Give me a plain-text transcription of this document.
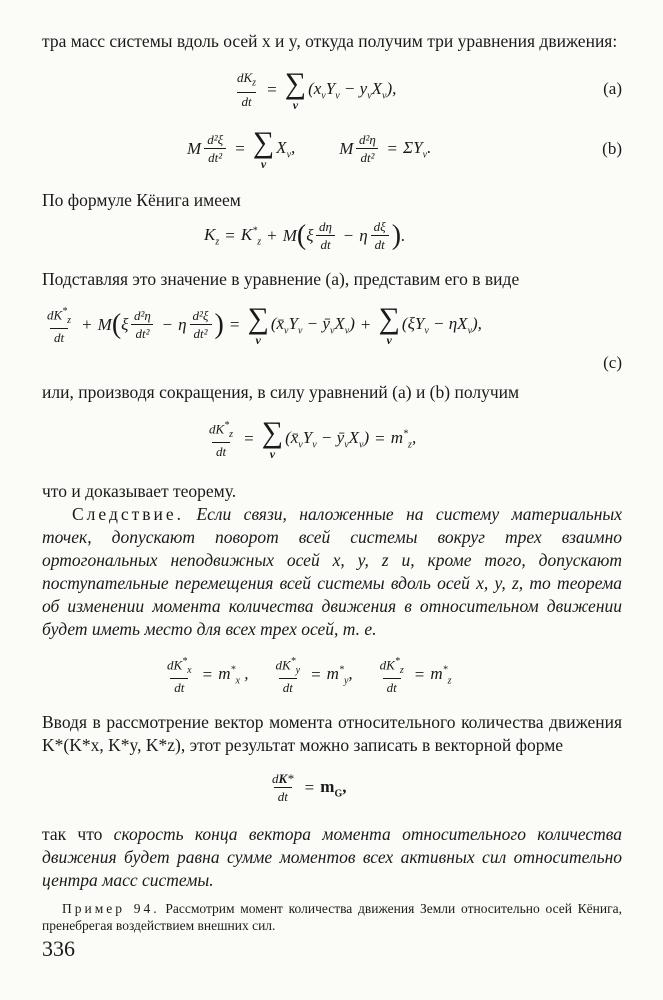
тра масс системы вдоль осей x и y, откуда получим три уравнения движения:

$\frac{dK_z}{dt}$ = ∑
ν
$(x_\nu Y_\nu - y_\nu X_\nu)$,	(a)
M $\frac{\text{d²ξ}}{\text{dt²}}$ = ∑
ν
$X_\nu$,	M $\frac{\text{d²η}}{\text{dt²}} = \Sigma Y_\nu$.	(b)

По формуле Кёнига имеем

$K_z = K^*_z + M$ ( ξ $\frac{d\eta}{dt} - \eta \frac{d\xi}{dt}$ ) .

Подставляя это значение в уравнение (a), представим его в виде

$\frac{dK^*_z}{dt} + M$ ( ξ $\frac{\text{d²η}}{\text{dt²}} - \eta \frac{\text{d²ξ}}{\text{dt²}}$ ) = ∑
ν
($x̄_\nu Y_\nu$ − $ȳ_\nu X_\nu$) + ∑
ν
$(\xi Y_\nu - \eta X_\nu)$,
(c)

или, производя сокращения, в силу уравнений (a) и (b) получим

$\frac{dK^*_z}{dt}$ = ∑
ν
($x̄_\nu Y_\nu$ − $ȳ_\nu X_\nu) = m^*_z$,

что и доказывает теорему.

Следствие. Если связи, наложенные на систему материальных точек, допускают поворот всей системы вокруг трех взаимно ортогональных неподвижных осей x, y, z и, кроме того, допускают поступательные перемещения всей системы вдоль осей x, y, z, то теорема об изменении момента количества движения в относительном движении будет иметь место для всех трех осей, т. е.

$\frac{dK^*_x}{dt} = m^*_x$ , $\frac{dK^*_y}{dt} = m^*_y$, $\frac{dK^*_z}{dt} = m^*_z$

Вводя в рассмотрение вектор момента относительного количества движения K*(K*x, K*y, K*z), этот результат можно записать в векторной форме

$\frac{dK*}{dt} = m_G$,

так что скорость конца вектора момента относительного количества движения будет равна сумме моментов всех активных сил относительно центра масс системы.

Пример 94. Рассмотрим момент количества движения Земли относительно осей Кёнига, пренебрегая воздействием внешних сил.

336
